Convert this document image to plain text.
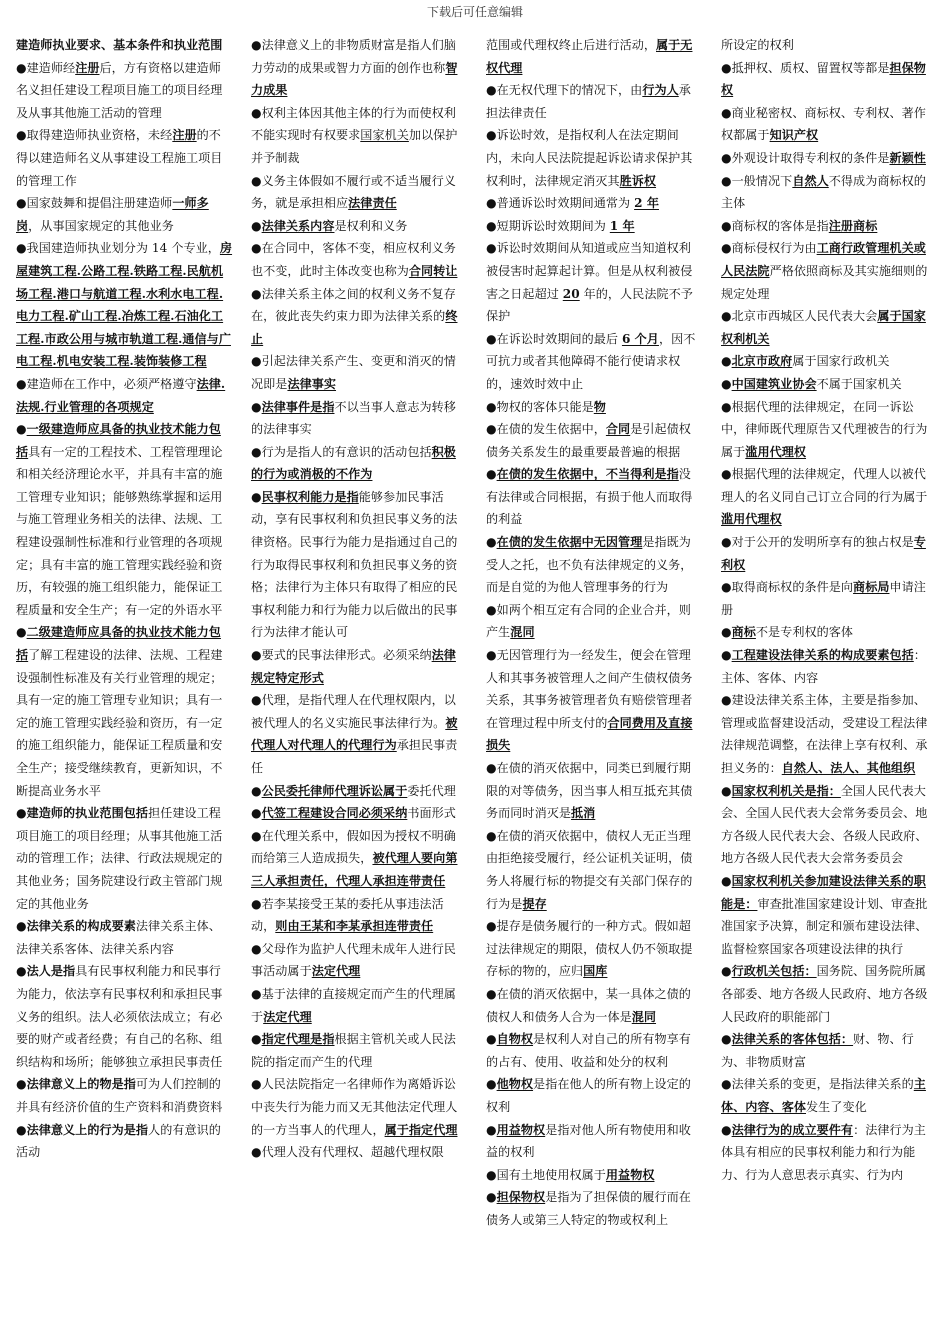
下载后可任意编辑

建造师执业要求、基本条件和执业范围

●建造师经注册后，方有资格以建造师名义担任建设工程项目施工的项目经理及从事其他施工活动的管理

●取得建造师执业资格，未经注册的不得以建造师名义从事建设工程施工项目的管理工作

●国家鼓舞和提倡注册建造师一师多岗，从事国家规定的其他业务

●我国建造师执业划分为 14 个专业，房屋建筑工程.公路工程.铁路工程.民航机场工程.港口与航道工程.水利水电工程.电力工程.矿山工程.冶炼工程.石油化工工程.市政公用与城市轨道工程.通信与广电工程.机电安装工程.装饰装修工程

●建造师在工作中，必须严格遵守法律.法规.行业管理的各项规定

●一级建造师应具备的执业技术能力包括具有一定的工程技术、工程管理理论和相关经济理论水平，并具有丰富的施工管理专业知识；能够熟练掌握和运用与施工管理业务相关的法律、法规、工程建设强制性标准和行业管理的各项规定；具有丰富的施工管理实践经验和资历，有较强的施工组织能力，能保证工程质量和安全生产；有一定的外语水平

●二级建造师应具备的执业技术能力包括了解工程建设的法律、法规、工程建设强制性标准及有关行业管理的规定；具有一定的施工管理专业知识；具有一定的施工管理实践经验和资历，有一定的施工组织能力，能保证工程质量和安全生产；接受继续教育，更新知识，不断提高业务水平

●建造师的执业范围包括担任建设工程项目施工的项目经理；从事其他施工活动的管理工作；法律、行政法规规定的其他业务；国务院建设行政主管部门规定的其他业务

●法律关系的构成要素法律关系主体、法律关系客体、法律关系内容

●法人是指具有民事权利能力和民事行为能力，依法享有民事权利和承担民事义务的组织。法人必须依法成立；有必要的财产或者经费；有自己的名称、组织结构和场所；能够独立承担民事责任

●法律意义上的物是指可为人们控制的并具有经济价值的生产资料和消费资料

●法律意义上的行为是指人的有意识的活动

●法律意义上的非物质财富是指人们脑力劳动的成果或智力方面的创作也称智力成果

●权利主体因其他主体的行为而使权利不能实现时有权要求国家机关加以保护并予制裁

●义务主体假如不履行或不适当履行义务，就是承担相应法律责任

●法律关系内容是权利和义务

●在合同中，客体不变，相应权利义务也不变，此时主体改变也称为合同转让

●法律关系主体之间的权利义务不复存在，彼此丧失约束力即为法律关系的终止

●引起法律关系产生、变更和消灭的情况即是法律事实

●法律事件是指不以当事人意志为转移的法律事实

●行为是指人的有意识的活动包括积极的行为或消极的不作为

●民事权利能力是指能够参加民事活动，享有民事权利和负担民事义务的法律资格。民事行为能力是指通过自己的行为取得民事权利和负担民事义务的资格；法律行为主体只有取得了相应的民事权利能力和行为能力以后做出的民事行为法律才能认可

●要式的民事法律形式。必须采纳法律规定特定形式

●代理，是指代理人在代理权限内，以被代理人的名义实施民事法律行为。被代理人对代理人的代理行为承担民事责任

●公民委托律师代理诉讼属于委托代理

●代签工程建设合同必须采纳书面形式

●在代理关系中，假如因为授权不明确而给第三人造成损失，被代理人要向第三人承担责任，代理人承担连带责任

●若李某接受王某的委托从事违法活动，则由王某和李某承担连带责任

●父母作为监护人代理未成年人进行民事活动属于法定代理

●基于法律的直接规定而产生的代理属于法定代理

●指定代理是指根据主管机关或人民法院的指定而产生的代理

●人民法院指定一名律师作为离婚诉讼中丧失行为能力而又无其他法定代理人的一方当事人的代理人，属于指定代理

●代理人没有代理权、超越代理权限

范围或代理权终止后进行活动，属于无权代理

●在无权代理下的情况下，由行为人承担法律责任

●诉讼时效，是指权利人在法定期间内，未向人民法院提起诉讼请求保护其权利时，法律规定消灭其胜诉权

●普通诉讼时效期间通常为 2 年

●短期诉讼时效期间为 1 年

●诉讼时效期间从知道或应当知道权利被侵害时起算起计算。但是从权利被侵害之日起超过 20 年的，人民法院不予保护

●在诉讼时效期间的最后 6 个月，因不可抗力或者其他障碍不能行使请求权的，速效时效中止

●物权的客体只能是物

●在债的发生依据中，合同是引起债权债务关系发生的最重要最普遍的根据

●在债的发生依据中，不当得利是指没有法律或合同根据，有损于他人而取得的利益

●在债的发生依据中无因管理是指既为受人之托，也不负有法律规定的义务，而是自觉的为他人管理事务的行为

●如两个相互定有合同的企业合并，则产生混同

●无因管理行为一经发生，便会在管理人和其事务被管理人之间产生债权债务关系，其事务被管理者负有赔偿管理者在管理过程中所支付的合同费用及直接损失

●在债的消灭依据中，同类已到履行期限的对等债务，因当事人相互抵充其债务而同时消灭是抵消

●在债的消灭依据中，债权人无正当理由拒绝接受履行，经公证机关证明，债务人将履行标的物提交有关部门保存的行为是提存

●提存是债务履行的一种方式。假如超过法律规定的期限，债权人仍不领取提存标的物的，应归国库

●在债的消灭依据中，某一具体之债的债权人和债务人合为一体是混同

●自物权是权利人对自己的所有物享有的占有、使用、收益和处分的权利

●他物权是指在他人的所有物上设定的权利

●用益物权是指对他人所有物使用和收益的权利

●国有土地使用权属于用益物权

●担保物权是指为了担保债的履行而在债务人或第三人特定的物或权利上

所设定的权利

●抵押权、质权、留置权等都是担保物权

●商业秘密权、商标权、专利权、著作权都属于知识产权

●外观设计取得专利权的条件是新颖性

●一般情况下自然人不得成为商标权的主体

●商标权的客体是指注册商标

●商标侵权行为由工商行政管理机关或人民法院严格依照商标及其实施细则的规定处理

●北京市西城区人民代表大会属于国家权利机关

●北京市政府属于国家行政机关

●中国建筑业协会不属于国家机关

●根据代理的法律规定，在同一诉讼中，律师既代理原告又代理被告的行为属于滥用代理权

●根据代理的法律规定，代理人以被代理人的名义同自己订立合同的行为属于滥用代理权

●对于公开的发明所享有的独占权是专利权

●取得商标权的条件是向商标局申请注册

●商标不是专利权的客体

●工程建设法律关系的构成要素包括：主体、客体、内容

●建设法律关系主体，主要是指参加、管理或监督建设活动，受建设工程法律法律规范调整，在法律上享有权利、承担义务的：自然人、法人、其他组织

●国家权利机关是指：全国人民代表大会、全国人民代表大会常务委员会、地方各级人民代表大会、各级人民政府、地方各级人民代表大会常务委员会

●国家权利机关参加建设法律关系的职能是：审查批准国家建设计划、审查批准国家予决算，制定和颁布建设法律、监督检察国家各项建设法律的执行

●行政机关包括：国务院、国务院所属各部委、地方各级人民政府、地方各级人民政府的职能部门

●法律关系的客体包括：财、物、行为、非物质财富

●法律关系的变更，是指法律关系的主体、内容、客体发生了变化

●法律行为的成立要件有：法律行为主体具有相应的民事权利能力和行为能力、行为人意思表示真实、行为内
